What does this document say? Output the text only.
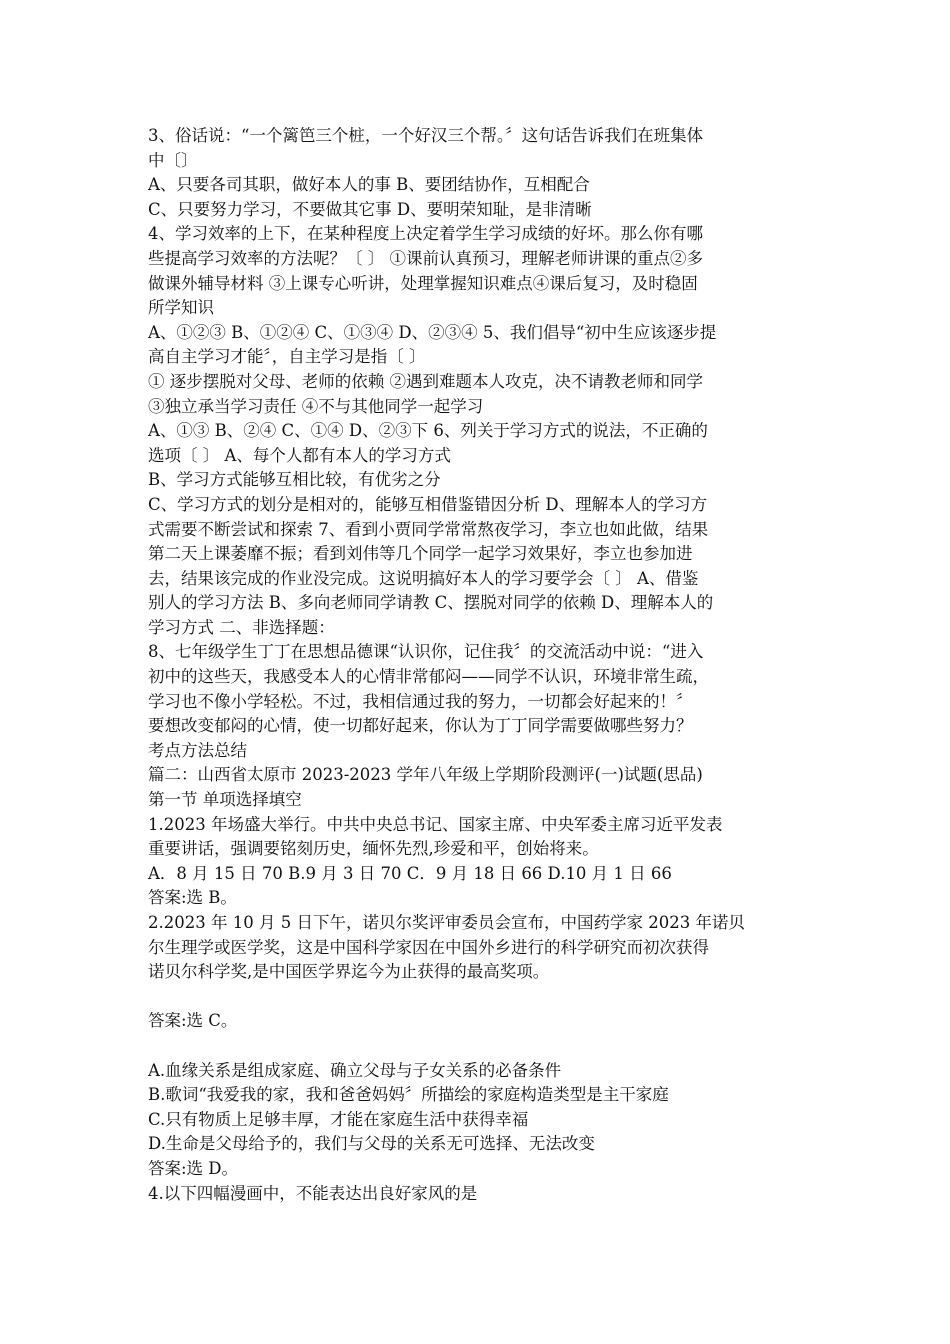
3、俗话说：“一个篱笆三个桩，一个好汉三个帮。〞这句话告诉我们在班集体
中〔〕
A、只要各司其职，做好本人的事 B、要团结协作，互相配合
C、只要努力学习，不要做其它事 D、要明荣知耻，是非清晰
4、学习效率的上下，在某种程度上决定着学生学习成绩的好坏。那么你有哪
些提高学习效率的方法呢？〔 〕 ①课前认真预习，理解老师讲课的重点②多
做课外辅导材料 ③上课专心听讲，处理掌握知识难点④课后复习，及时稳固
所学知识
A、①②③ B、①②④ C、①③④ D、②③④ 5、我们倡导“初中生应该逐步提
高自主学习才能〞，自主学习是指〔 〕
① 逐步摆脱对父母、老师的依赖 ②遇到难题本人攻克，决不请教老师和同学
③独立承当学习责任 ④不与其他同学一起学习
A、①③ B、②④ C、①④ D、②③下 6、列关于学习方式的说法，不正确的
选项〔 〕 A、每个人都有本人的学习方式
B、学习方式能够互相比较，有优劣之分
C、学习方式的划分是相对的，能够互相借鉴错因分析 D、理解本人的学习方
式需要不断尝试和探索 7、看到小贾同学常常熬夜学习，李立也如此做，结果
第二天上课萎靡不振；看到刘伟等几个同学一起学习效果好，李立也参加进
去，结果该完成的作业没完成。这说明搞好本人的学习要学会〔 〕 A、借鉴
别人的学习方法 B、多向老师同学请教 C、摆脱对同学的依赖 D、理解本人的
学习方式 二、非选择题：
8、七年级学生丁丁在思想品德课“认识你，记住我〞的交流活动中说：“进入
初中的这些天，我感受本人的心情非常郁闷——同学不认识，环境非常生疏，
学习也不像小学轻松。不过，我相信通过我的努力，一切都会好起来的！〞
要想改变郁闷的心情，使一切都好起来，你认为丁丁同学需要做哪些努力？
考点方法总结
篇二：山西省太原市 2023-2023 学年八年级上学期阶段测评(一)试题(思品)
第一节 单项选择填空
1.2023 年场盛大举行。中共中央总书记、国家主席、中央军委主席习近平发表
重要讲话，强调要铭刻历史，缅怀先烈,珍爱和平，创始将来。
A．8 月 15 日 70 B.9 月 3 日 70 C．9 月 18 日 66 D.10 月 1 日 66
答案:选 B。
2.2023 年 10 月 5 日下午，诺贝尔奖评审委员会宣布，中国药学家 2023 年诺贝
尔生理学或医学奖，这是中国科学家因在中国外乡进行的科学研究而初次获得
诺贝尔科学奖,是中国医学界迄今为止获得的最高奖项。
答案:选 C。
A.血缘关系是组成家庭、确立父母与子女关系的必备条件
B.歌词“我爱我的家，我和爸爸妈妈〞所描绘的家庭构造类型是主干家庭
C.只有物质上足够丰厚，才能在家庭生活中获得幸福
D.生命是父母给予的，我们与父母的关系无可选择、无法改变
答案:选 D。
4.以下四幅漫画中，不能表达出良好家风的是
